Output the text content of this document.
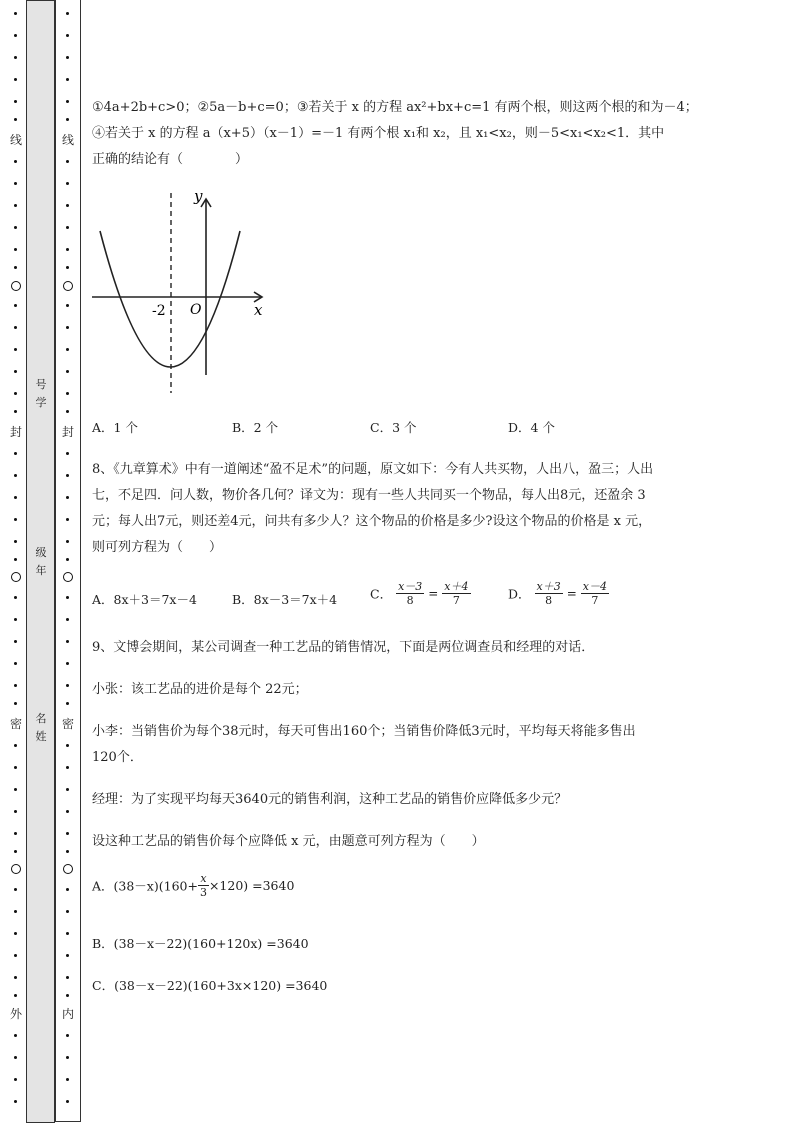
线
封
密
外
号学
级年
名姓
线
封
密
内
①4a+2b+c>0；②5a－b+c=0；③若关于 x 的方程 ax²+bx+c=1 有两个根，则这两个根的和为－4；
④若关于 x 的方程 a（x+5）（x－1）=－1 有两个根 x₁和 x₂，且 x₁<x₂，则－5<x₁<x₂<1．其中
正确的结论有（　　　　）
y
x
-2 O
A．1 个	B．2 个	C．3 个	D．4 个
8、《九章算术》中有一道阐述“盈不足术”的问题，原文如下：今有人共买物，人出八，盈三；人出
七，不足四．问人数，物价各几何？译文为：现有一些人共同买一个物品，每人出8元，还盈余 3
元；每人出7元，则还差4元，问共有多少人？这个物品的价格是多少?设这个物品的价格是 x 元，
则可列方程为（　　）
A．8x＋3＝7x－4	B．8x－3＝7x＋4	C． $\frac{x-3}{8} = \frac{x+4}{7}$	D． $\frac{x+3}{8} = \frac{x-4}{7}$
9、文博会期间，某公司调查一种工艺品的销售情况，下面是两位调查员和经理的对话．
小张：该工艺品的进价是每个 22元；
小李：当销售价为每个38元时，每天可售出160个；当销售价降低3元时，平均每天将能多售出
120个．
经理：为了实现平均每天3640元的销售利润，这种工艺品的销售价应降低多少元？
设这种工艺品的销售价每个应降低 x 元，由题意可列方程为（　　）
A．$(38-x)(160+ \frac{x}{3} \times 120) =3640$
B．(38－x－22)(160+120x) =3640
C．(38－x－22)(160+3x×120) =3640
